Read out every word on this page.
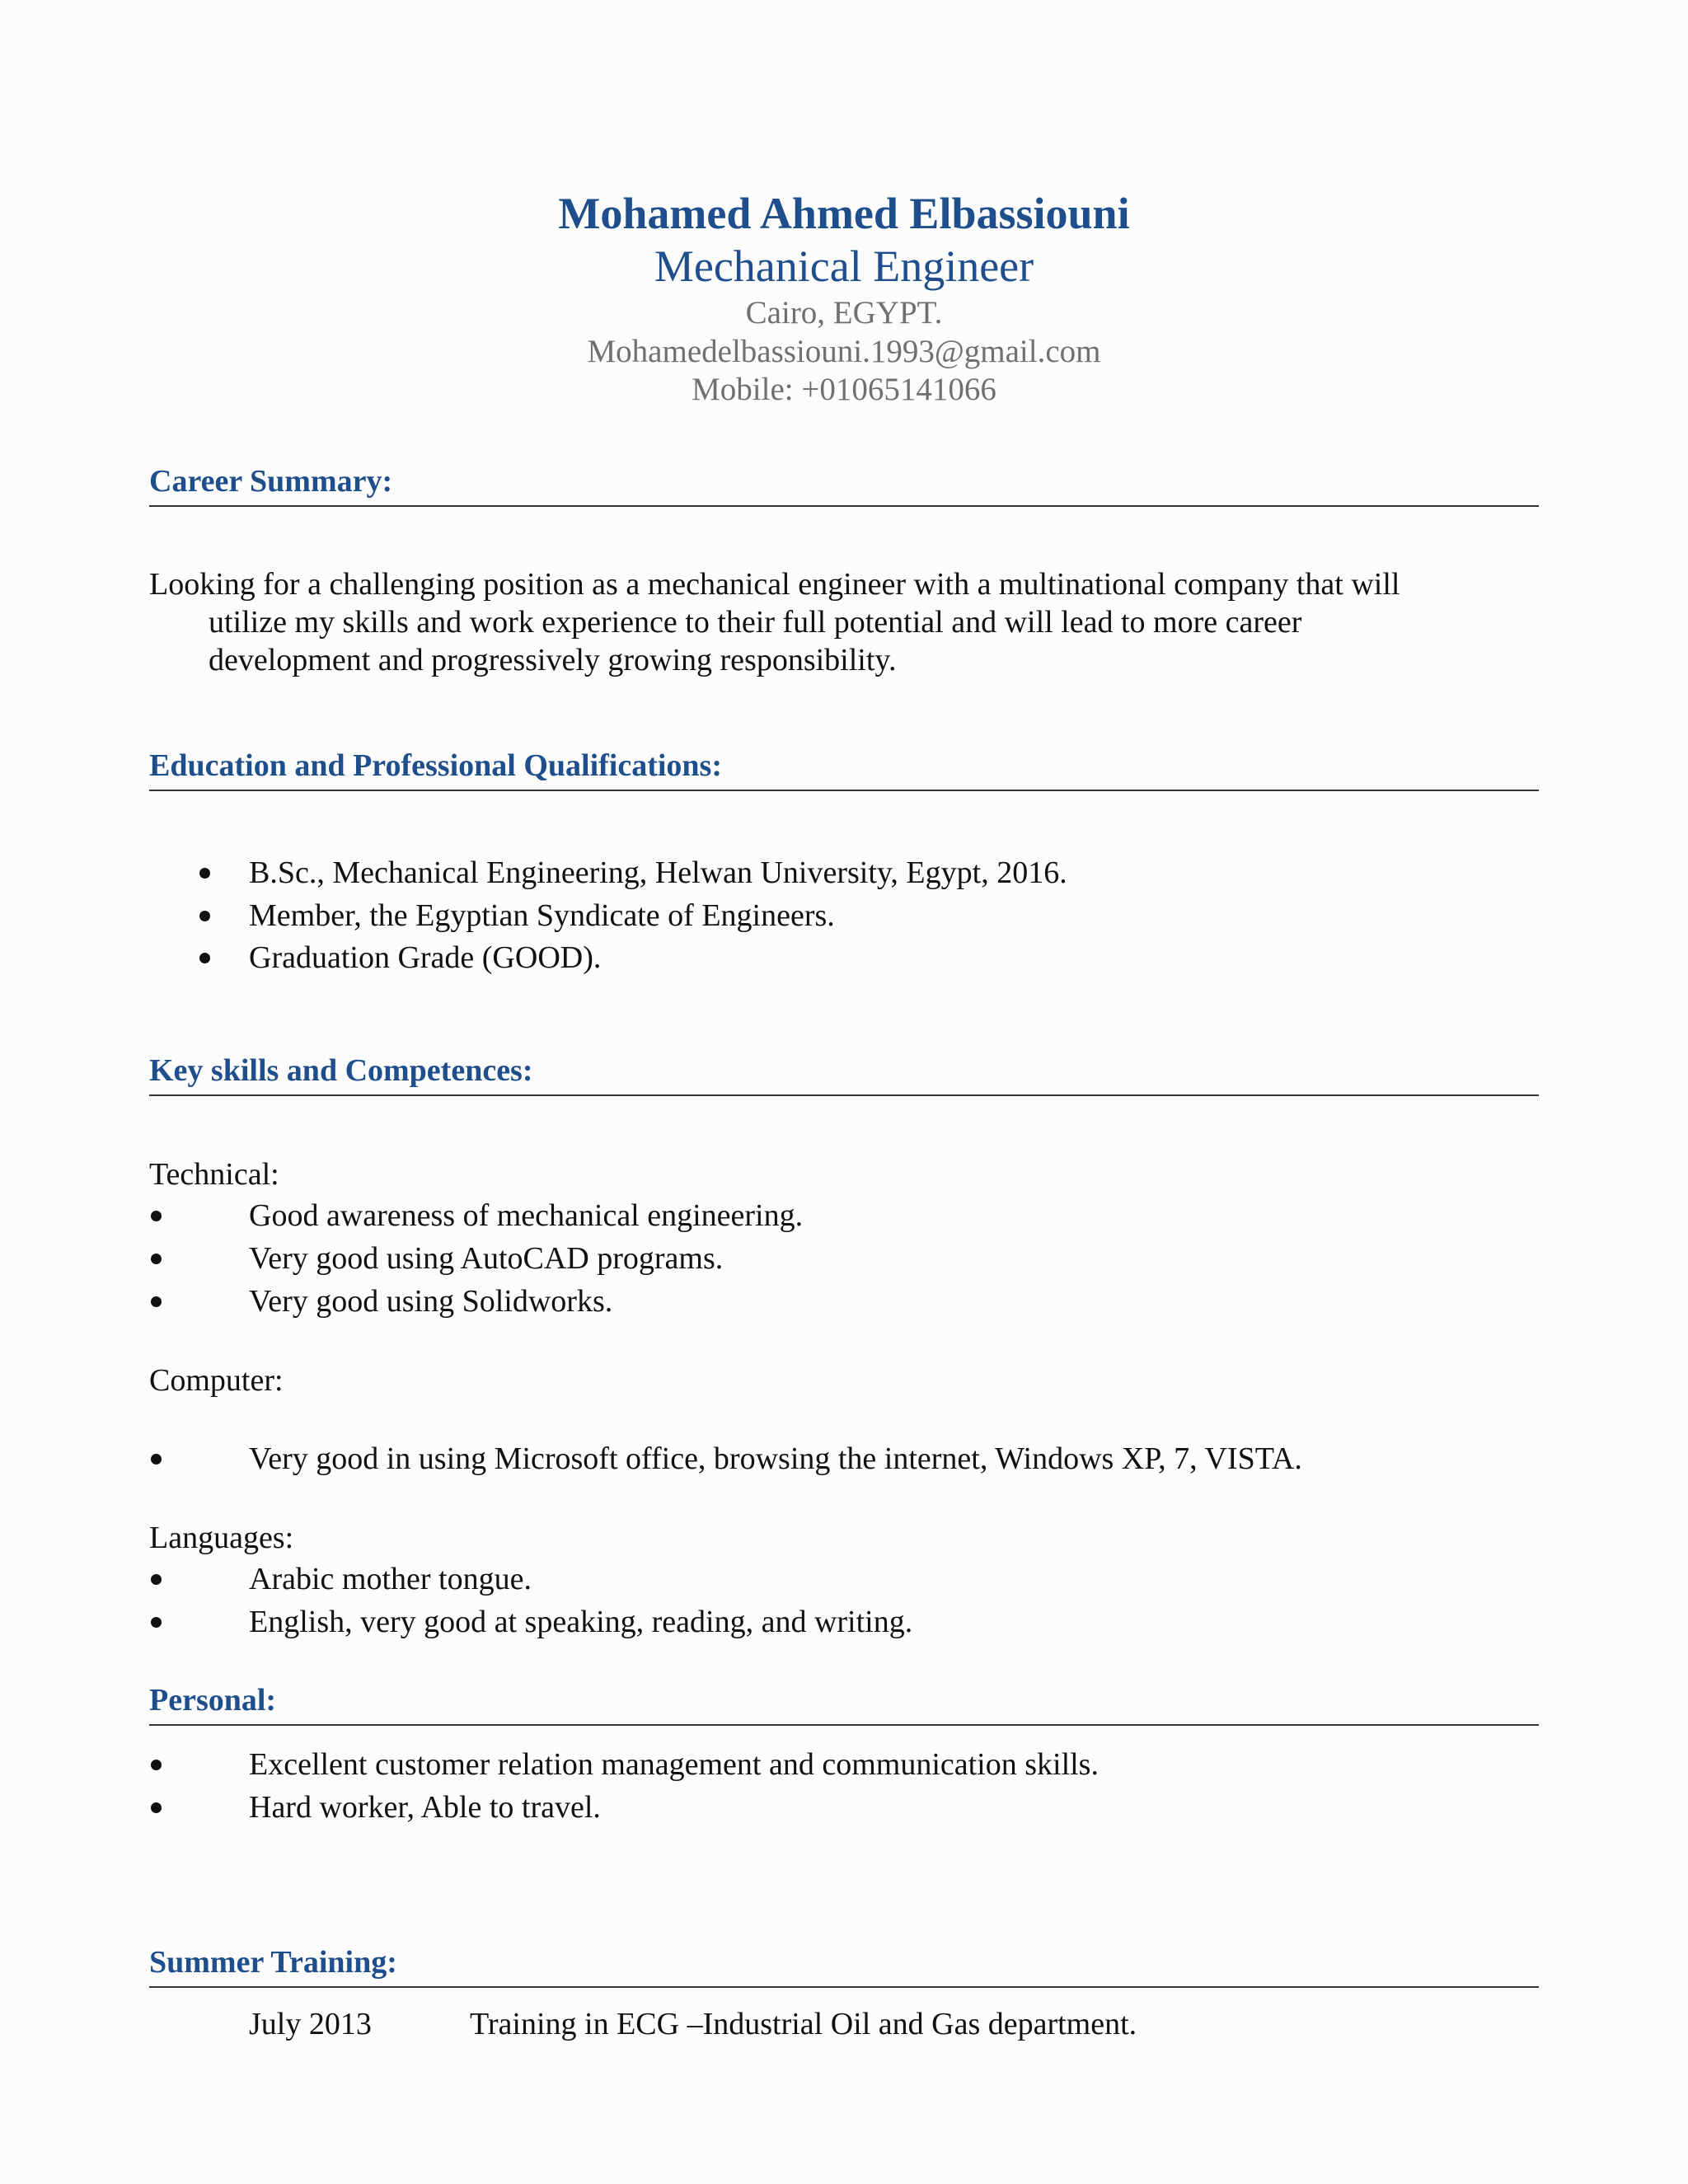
Mohamed Ahmed Elbassiouni
Mechanical Engineer
Cairo, EGYPT.
Mohamedelbassiouni.1993@gmail.com
Mobile: +01065141066
Career Summary:
Looking for a challenging position as a mechanical engineer with a multinational company that will
utilize my skills and work experience to their full potential and will lead to more career
development and progressively growing responsibility.
Education and Professional Qualifications:
B.Sc., Mechanical Engineering, Helwan University, Egypt, 2016.
Member, the Egyptian Syndicate of Engineers.
Graduation Grade (GOOD).
Key skills and Competences:
Technical:
Good awareness of mechanical engineering.
Very good using AutoCAD programs.
Very good using Solidworks.
Computer:
Very good in using Microsoft office, browsing the internet, Windows XP, 7, VISTA.
Languages:
Arabic mother tongue.
English, very good at speaking, reading, and writing.
Personal:
Excellent customer relation management and communication skills.
Hard worker, Able to travel.
Summer Training:
July 2013	Training in ECG –Industrial Oil and Gas department.
